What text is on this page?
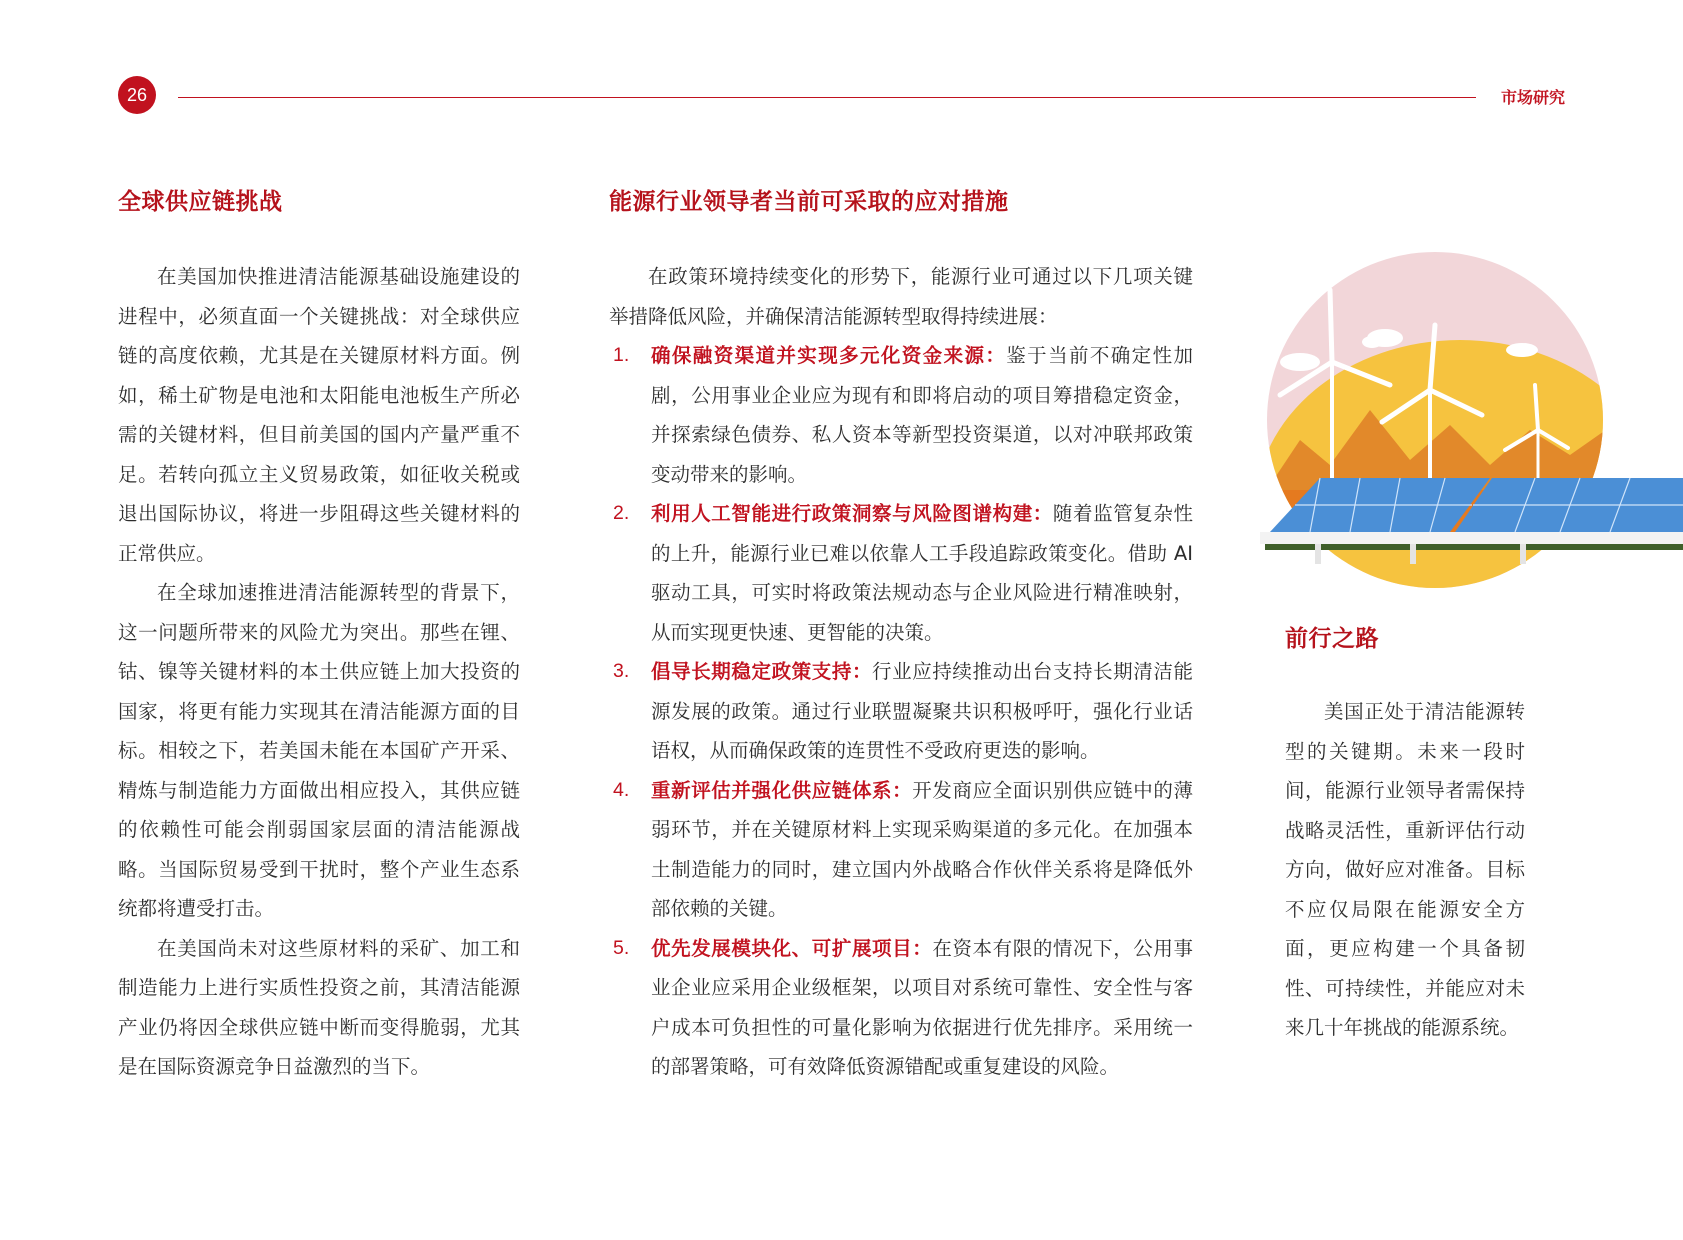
26	市场研究
全球供应链挑战	能源行业领导者当前可采取的应对措施
前行之路

在美国加快推进清洁能源基础设施建设的进程中，必须直面一个关键挑战：对全球供应链的高度依赖，尤其是在关键原材料方面。例如，稀土矿物是电池和太阳能电池板生产所必需的关键材料，但目前美国的国内产量严重不足。若转向孤立主义贸易政策，如征收关税或退出国际协议，将进一步阻碍这些关键材料的正常供应。

在全球加速推进清洁能源转型的背景下，这一问题所带来的风险尤为突出。那些在锂、钴、镍等关键材料的本土供应链上加大投资的国家，将更有能力实现其在清洁能源方面的目标。相较之下，若美国未能在本国矿产开采、精炼与制造能力方面做出相应投入，其供应链的依赖性可能会削弱国家层面的清洁能源战略。当国际贸易受到干扰时，整个产业生态系统都将遭受打击。

在美国尚未对这些原材料的采矿、加工和制造能力上进行实质性投资之前，其清洁能源产业仍将因全球供应链中断而变得脆弱，尤其是在国际资源竞争日益激烈的当下。

在政策环境持续变化的形势下，能源行业可通过以下几项关键举措降低风险，并确保清洁能源转型取得持续进展：

1. 确保融资渠道并实现多元化资金来源：鉴于当前不确定性加剧，公用事业企业应为现有和即将启动的项目筹措稳定资金，并探索绿色债券、私人资本等新型投资渠道，以对冲联邦政策变动带来的影响。
2. 利用人工智能进行政策洞察与风险图谱构建：随着监管复杂性的上升，能源行业已难以依靠人工手段追踪政策变化。借助 AI 驱动工具，可实时将政策法规动态与企业风险进行精准映射，从而实现更快速、更智能的决策。
3. 倡导长期稳定政策支持：行业应持续推动出台支持长期清洁能源发展的政策。通过行业联盟凝聚共识积极呼吁，强化行业话语权，从而确保政策的连贯性不受政府更迭的影响。
4. 重新评估并强化供应链体系：开发商应全面识别供应链中的薄弱环节，并在关键原材料上实现采购渠道的多元化。在加强本土制造能力的同时，建立国内外战略合作伙伴关系将是降低外部依赖的关键。
5. 优先发展模块化、可扩展项目：在资本有限的情况下，公用事业企业应采用企业级框架，以项目对系统可靠性、安全性与客户成本可负担性的可量化影响为依据进行优先排序。采用统一的部署策略，可有效降低资源错配或重复建设的风险。

美国正处于清洁能源转型的关键期。未来一段时间，能源行业领导者需保持战略灵活性，重新评估行动方向，做好应对准备。目标不应仅局限在能源安全方面，更应构建一个具备韧性、可持续性，并能应对未来几十年挑战的能源系统。
